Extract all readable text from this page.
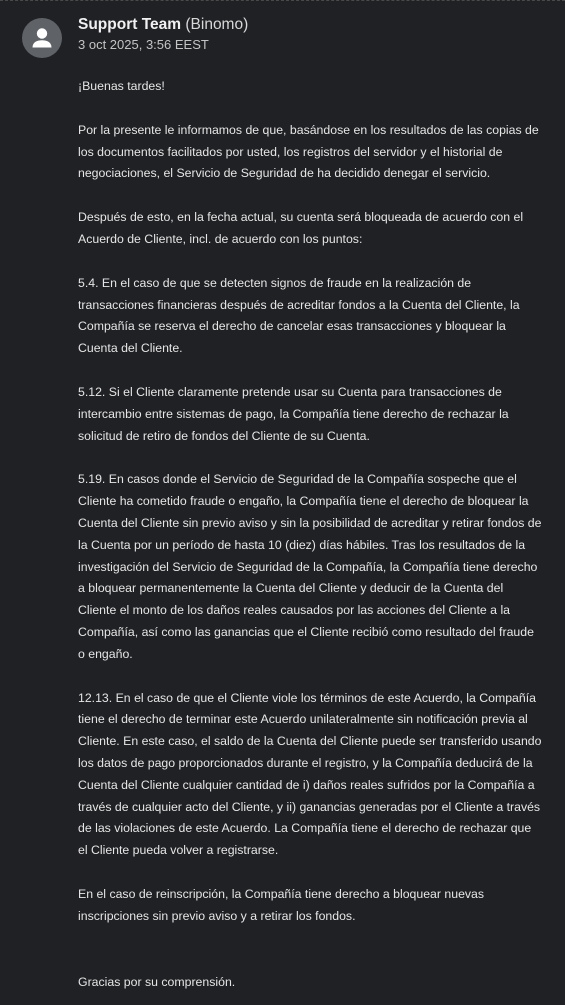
Support Team (Binomo)
3 oct 2025, 3:56 EEST

¡Buenas tardes!

Por la presente le informamos de que, basándose en los resultados de las copias de los documentos facilitados por usted, los registros del servidor y el historial de negociaciones, el Servicio de Seguridad de ha decidido denegar el servicio.

Después de esto, en la fecha actual, su cuenta será bloqueada de acuerdo con el Acuerdo de Cliente, incl. de acuerdo con los puntos:

5.4. En el caso de que se detecten signos de fraude en la realización de transacciones financieras después de acreditar fondos a la Cuenta del Cliente, la Compañía se reserva el derecho de cancelar esas transacciones y bloquear la Cuenta del Cliente.

5.12. Si el Cliente claramente pretende usar su Cuenta para transacciones de intercambio entre sistemas de pago, la Compañía tiene derecho de rechazar la solicitud de retiro de fondos del Cliente de su Cuenta.

5.19. En casos donde el Servicio de Seguridad de la Compañía sospeche que el Cliente ha cometido fraude o engaño, la Compañía tiene el derecho de bloquear la Cuenta del Cliente sin previo aviso y sin la posibilidad de acreditar y retirar fondos de la Cuenta por un período de hasta 10 (diez) días hábiles. Tras los resultados de la investigación del Servicio de Seguridad de la Compañía, la Compañía tiene derecho a bloquear permanentemente la Cuenta del Cliente y deducir de la Cuenta del Cliente el monto de los daños reales causados por las acciones del Cliente a la Compañía, así como las ganancias que el Cliente recibió como resultado del fraude o engaño.

12.13. En el caso de que el Cliente viole los términos de este Acuerdo, la Compañía tiene el derecho de terminar este Acuerdo unilateralmente sin notificación previa al Cliente. En este caso, el saldo de la Cuenta del Cliente puede ser transferido usando los datos de pago proporcionados durante el registro, y la Compañía deducirá de la Cuenta del Cliente cualquier cantidad de i) daños reales sufridos por la Compañía a través de cualquier acto del Cliente, y ii) ganancias generadas por el Cliente a través de las violaciones de este Acuerdo. La Compañía tiene el derecho de rechazar que el Cliente pueda volver a registrarse.

En el caso de reinscripción, la Compañía tiene derecho a bloquear nuevas inscripciones sin previo aviso y a retirar los fondos.

Gracias por su comprensión.
